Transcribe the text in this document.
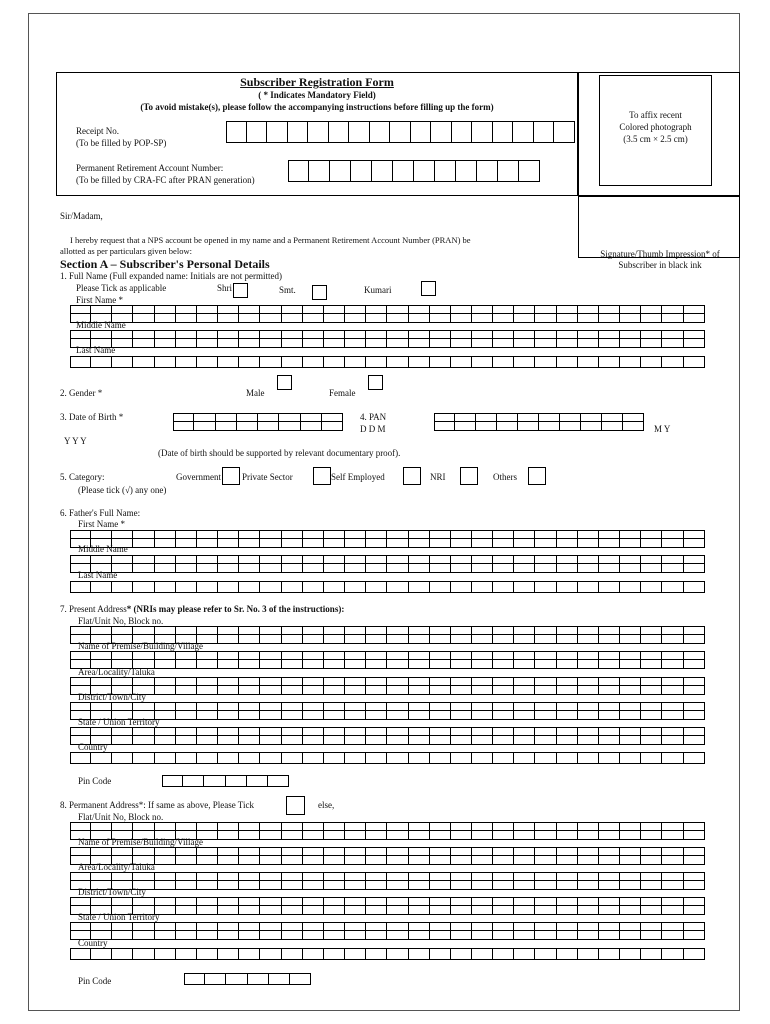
To affix recent
Colored photograph
(3.5 cm × 2.5 cm)
Signature/Thumb Impression* of
Subscriber in black ink
Subscriber Registration Form
( * Indicates Mandatory Field)
(To avoid mistake(s), please follow the accompanying instructions before filling up the form)
Receipt No.
(To be filled by POP-SP)
Permanent Retirement Account Number:
(To be filled by CRA-FC after PRAN generation)
Sir/Madam,
I hereby request that a NPS account be opened in my name and a Permanent Retirement Account Number (PRAN) be
allotted as per particulars given below:
Section A – Subscriber's Personal Details
1. Full Name (Full expanded name: Initials are not permitted)
Please Tick as applicable	Shri	Smt.	Kumari
First Name *
Middle Name
Last Name
2. Gender *	Male	Female
3. Date of Birth *	4. PAN
D D M	M Y
Y Y Y
(Date of birth should be supported by relevant documentary proof).
5. Category:
(Please tick (√) any one)
Government Private Sector	Self Employed	NRI	Others
6. Father's Full Name:
First Name *
Middle Name
Last Name
7. Present Address* (NRIs may please refer to Sr. No. 3 of the instructions):
Flat/Unit No, Block no.
Name of Premise/Building/Village
Area/Locality/Taluka
District/Town/City
State / Union Territory
Country
Pin Code
8. Permanent Address*: If same as above, Please Tick	else,
Flat/Unit No, Block no.
Name of Premise/Building/Village
Area/Locality/Taluka
District/Town/City
State / Union Territory
Country
Pin Code
